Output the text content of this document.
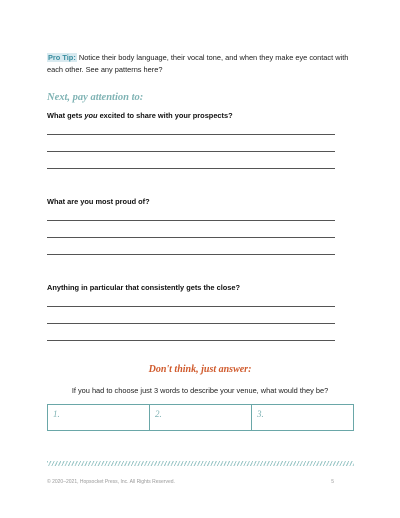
Pro Tip: Notice their body language, their vocal tone, and when they make eye contact with each other. See any patterns here?
Next, pay attention to:
What gets you excited to share with your prospects?
What are you most proud of?
Anything in particular that consistently gets the close?
Don't think, just answer:
If you had to choose just 3 words to describe your venue, what would they be?
1.	2.	3.
© 2020–2021, Hopsocket Press, Inc. All Rights Reserved.	5
